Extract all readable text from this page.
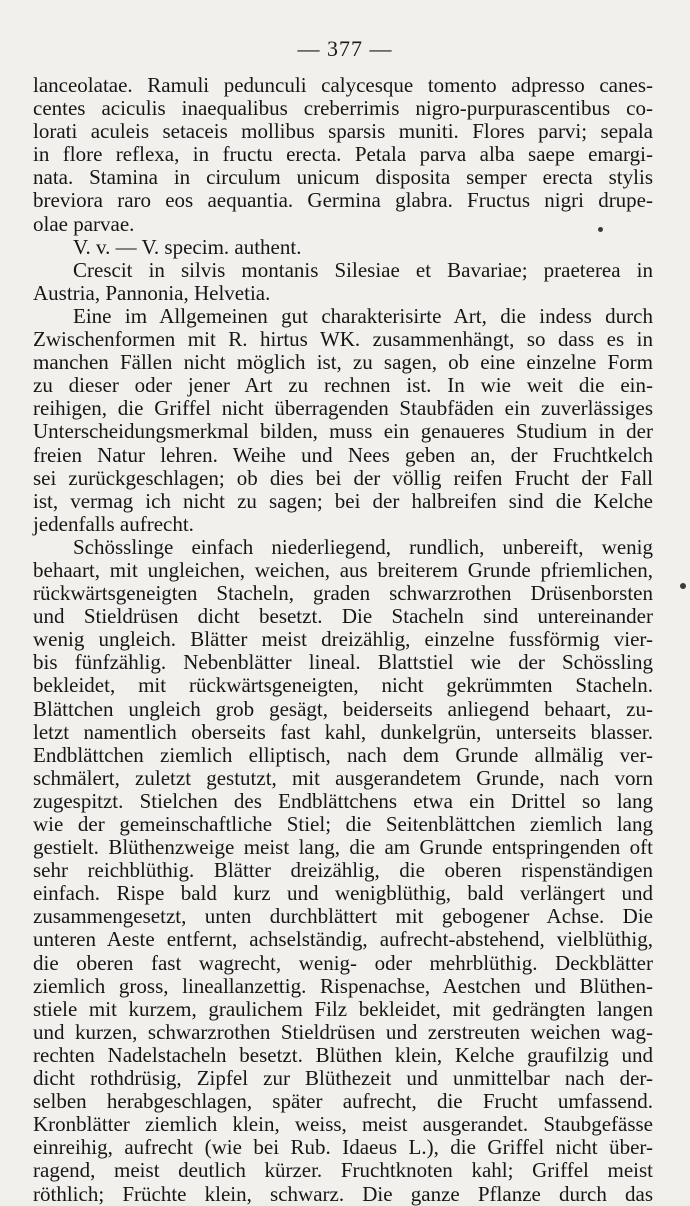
— 377 —
lanceolatae. Ramuli pedunculi calycesque tomento adpresso canes-
centes aciculis inaequalibus creberrimis nigro-purpurascentibus co-
lorati aculeis setaceis mollibus sparsis muniti. Flores parvi; sepala
in flore reflexa, in fructu erecta. Petala parva alba saepe emargi-
nata. Stamina in circulum unicum disposita semper erecta stylis
breviora raro eos aequantia. Germina glabra. Fructus nigri drupe-
olae parvae.
V. v. — V. specim. authent.
Crescit in silvis montanis Silesiae et Bavariae; praeterea in
Austria, Pannonia, Helvetia.
Eine im Allgemeinen gut charakterisirte Art, die indess durch
Zwischenformen mit R. hirtus WK. zusammenhängt, so dass es in
manchen Fällen nicht möglich ist, zu sagen, ob eine einzelne Form
zu dieser oder jener Art zu rechnen ist. In wie weit die ein-
reihigen, die Griffel nicht überragenden Staubfäden ein zuverlässiges
Unterscheidungsmerkmal bilden, muss ein genaueres Studium in der
freien Natur lehren. Weihe und Nees geben an, der Fruchtkelch
sei zurückgeschlagen; ob dies bei der völlig reifen Frucht der Fall
ist, vermag ich nicht zu sagen; bei der halbreifen sind die Kelche
jedenfalls aufrecht.
Schösslinge einfach niederliegend, rundlich, unbereift, wenig
behaart, mit ungleichen, weichen, aus breiterem Grunde pfriemlichen,
rückwärtsgeneigten Stacheln, graden schwarzrothen Drüsenborsten
und Stieldrüsen dicht besetzt. Die Stacheln sind untereinander
wenig ungleich. Blätter meist dreizählig, einzelne fussförmig vier-
bis fünfzählig. Nebenblätter lineal. Blattstiel wie der Schössling
bekleidet, mit rückwärtsgeneigten, nicht gekrümmten Stacheln.
Blättchen ungleich grob gesägt, beiderseits anliegend behaart, zu-
letzt namentlich oberseits fast kahl, dunkelgrün, unterseits blasser.
Endblättchen ziemlich elliptisch, nach dem Grunde allmälig ver-
schmälert, zuletzt gestutzt, mit ausgerandetem Grunde, nach vorn
zugespitzt. Stielchen des Endblättchens etwa ein Drittel so lang
wie der gemeinschaftliche Stiel; die Seitenblättchen ziemlich lang
gestielt. Blüthenzweige meist lang, die am Grunde entspringenden oft
sehr reichblüthig. Blätter dreizählig, die oberen rispenständigen
einfach. Rispe bald kurz und wenigblüthig, bald verlängert und
zusammengesetzt, unten durchblättert mit gebogener Achse. Die
unteren Aeste entfernt, achselständig, aufrecht-abstehend, vielblüthig,
die oberen fast wagrecht, wenig- oder mehrblüthig. Deckblätter
ziemlich gross, lineallanzettig. Rispenachse, Aestchen und Blüthen-
stiele mit kurzem, graulichem Filz bekleidet, mit gedrängten langen
und kurzen, schwarzrothen Stieldrüsen und zerstreuten weichen wag-
rechten Nadelstacheln besetzt. Blüthen klein, Kelche graufilzig und
dicht rothdrüsig, Zipfel zur Blüthezeit und unmittelbar nach der-
selben herabgeschlagen, später aufrecht, die Frucht umfassend.
Kronblätter ziemlich klein, weiss, meist ausgerandet. Staubgefässe
einreihig, aufrecht (wie bei Rub. Idaeus L.), die Griffel nicht über-
ragend, meist deutlich kürzer. Fruchtknoten kahl; Griffel meist
röthlich; Früchte klein, schwarz. Die ganze Pflanze durch das
